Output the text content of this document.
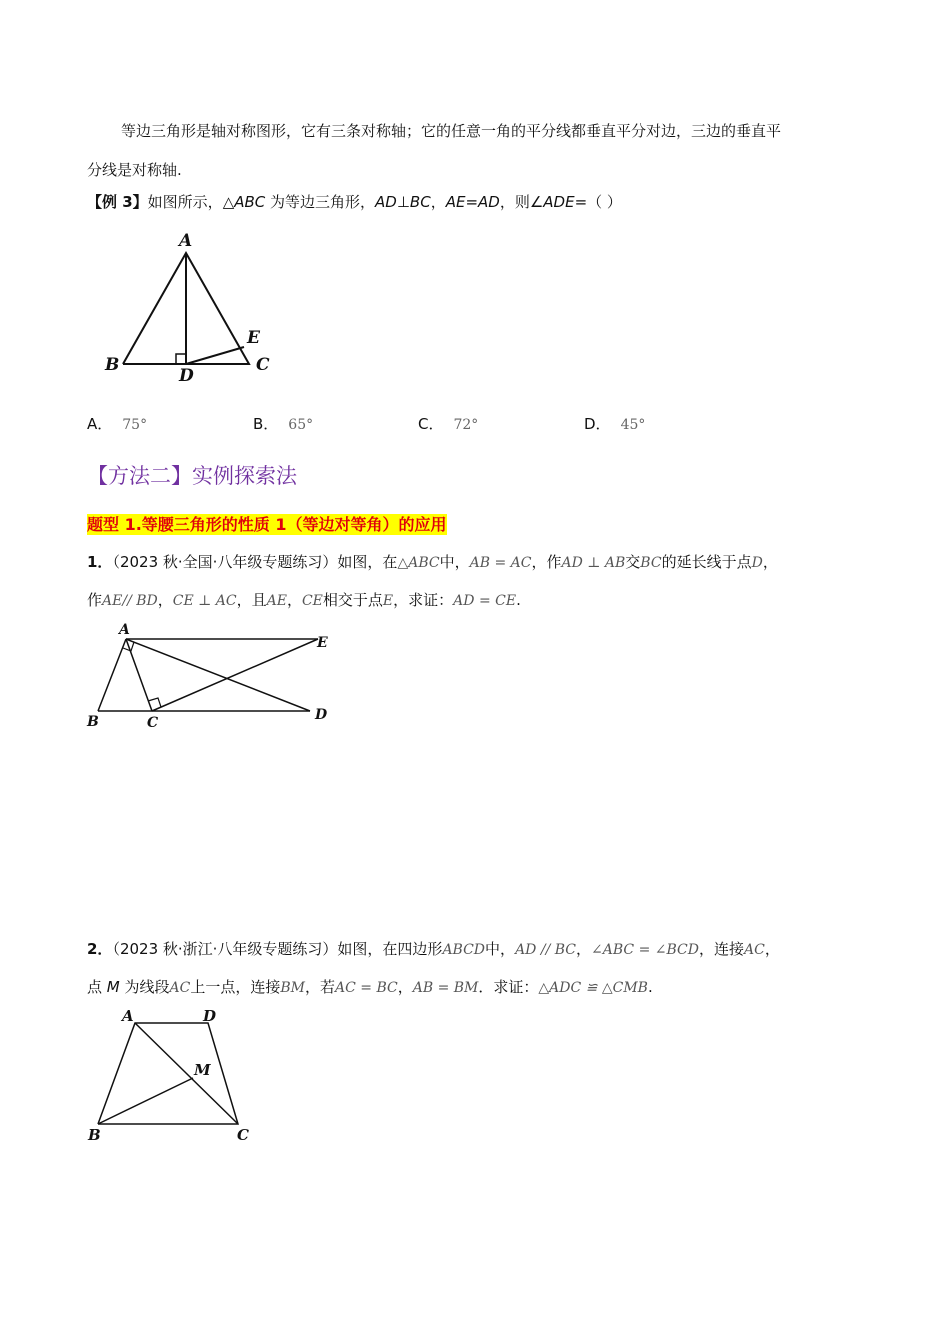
等边三角形是轴对称图形，它有三条对称轴；它的任意一角的平分线都垂直平分对边，三边的垂直平
分线是对称轴.
【例 3】如图所示，△ABC 为等边三角形，AD⊥BC，AE=AD，则∠ADE=（ ）
A
B	C
D
E
A． 75°	B． 65°	C． 72°	D． 45°
【方法二】实例探索法
题型 1.等腰三角形的性质 1（等边对等角）的应用
1．（2023 秋·全国·八年级专题练习）如图，在△ABC中，AB = AC，作AD ⊥ AB交BC的延长线于点D，
作AE// BD，CE ⊥ AC，且AE，CE相交于点E，求证：AD = CE.
A
B	C	D
E
2．（2023 秋·浙江·八年级专题练习）如图，在四边形ABCD中，AD // BC，∠ABC = ∠BCD，连接AC，
点 M 为线段AC上一点，连接BM，若AC = BC，AB = BM．求证：△ADC ≌ △CMB.
A	D
B	C
M
